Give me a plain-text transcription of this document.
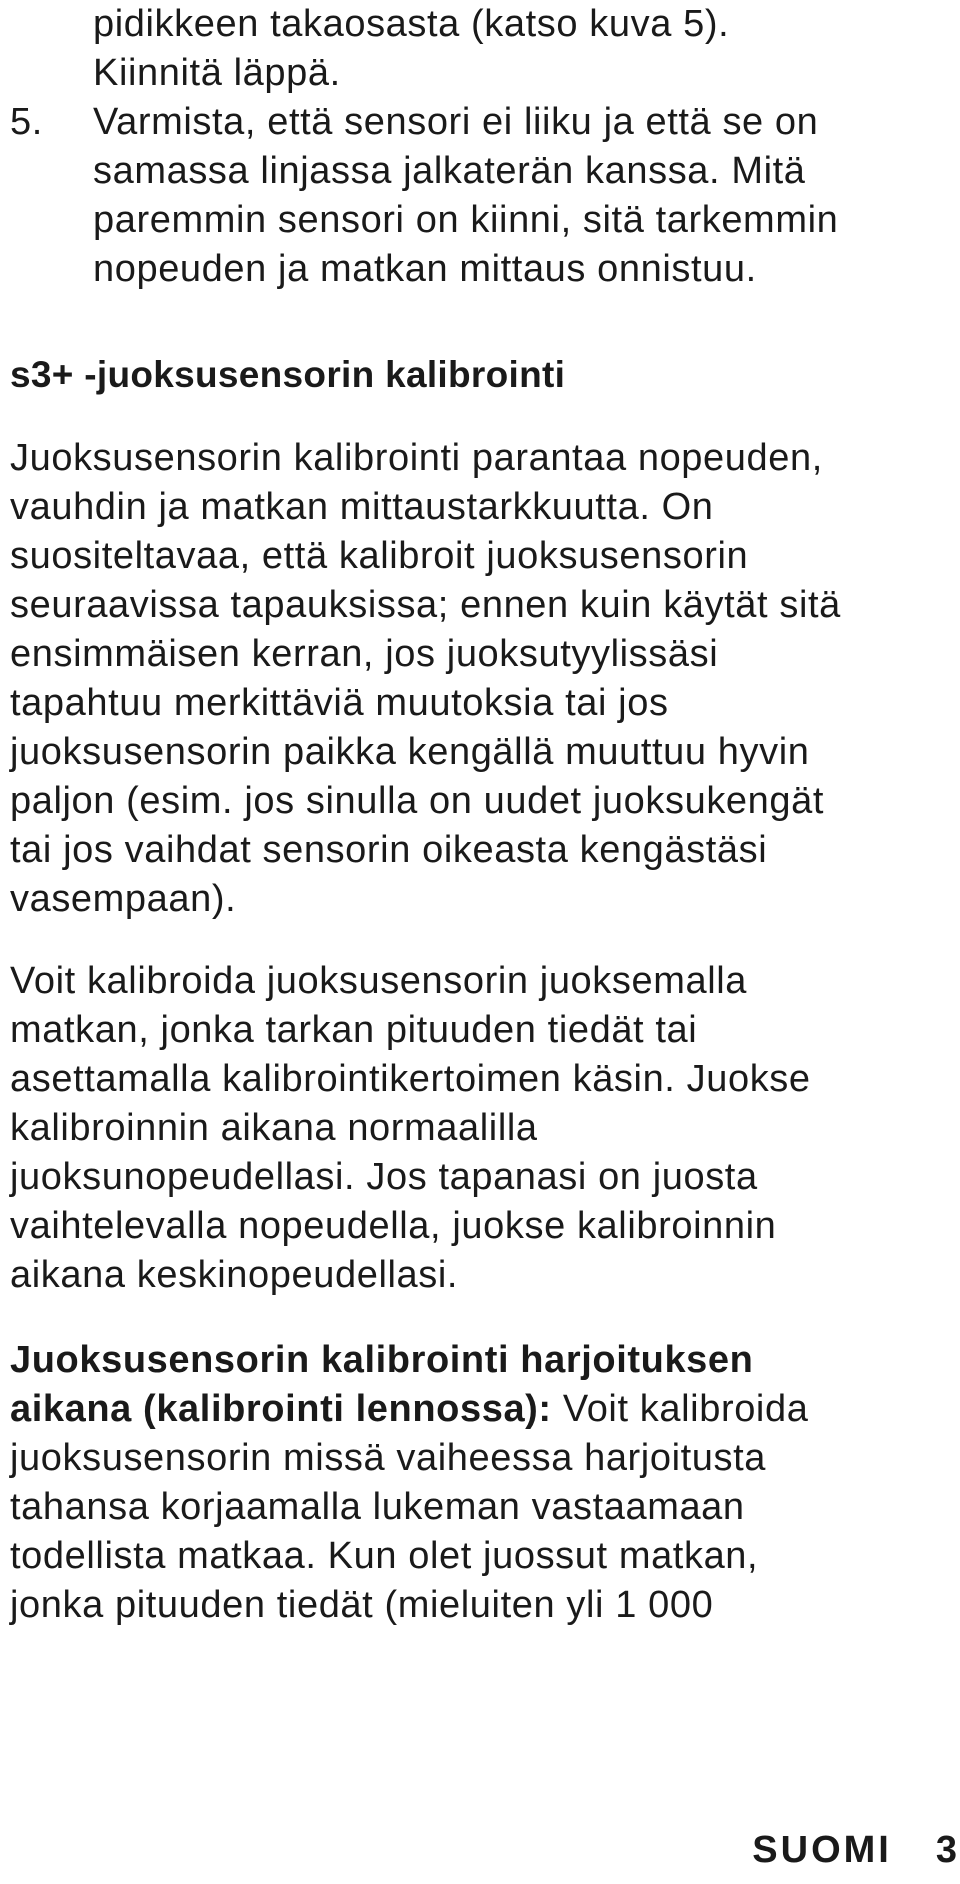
pidikkeen takaosasta (katso kuva 5).
Kiinnitä läppä.
5. Varmista, että sensori ei liiku ja että se on
samassa linjassa jalkaterän kanssa. Mitä
paremmin sensori on kiinni, sitä tarkemmin
nopeuden ja matkan mittaus onnistuu.
s3+ -juoksusensorin kalibrointi
Juoksusensorin kalibrointi parantaa nopeuden,
vauhdin ja matkan mittaustarkkuutta. On
suositeltavaa, että kalibroit juoksusensorin
seuraavissa tapauksissa; ennen kuin käytät sitä
ensimmäisen kerran, jos juoksutyylissäsi
tapahtuu merkittäviä muutoksia tai jos
juoksusensorin paikka kengällä muuttuu hyvin
paljon (esim. jos sinulla on uudet juoksukengät
tai jos vaihdat sensorin oikeasta kengästäsi
vasempaan).
Voit kalibroida juoksusensorin juoksemalla
matkan, jonka tarkan pituuden tiedät tai
asettamalla kalibrointikertoimen käsin. Juokse
kalibroinnin aikana normaalilla
juoksunopeudellasi. Jos tapanasi on juosta
vaihtelevalla nopeudella, juokse kalibroinnin
aikana keskinopeudellasi.
Juoksusensorin kalibrointi harjoituksen
aikana (kalibrointi lennossa): Voit kalibroida
juoksusensorin missä vaiheessa harjoitusta
tahansa korjaamalla lukeman vastaamaan
todellista matkaa. Kun olet juossut matkan,
jonka pituuden tiedät (mieluiten yli 1 000
SUOMI 3
